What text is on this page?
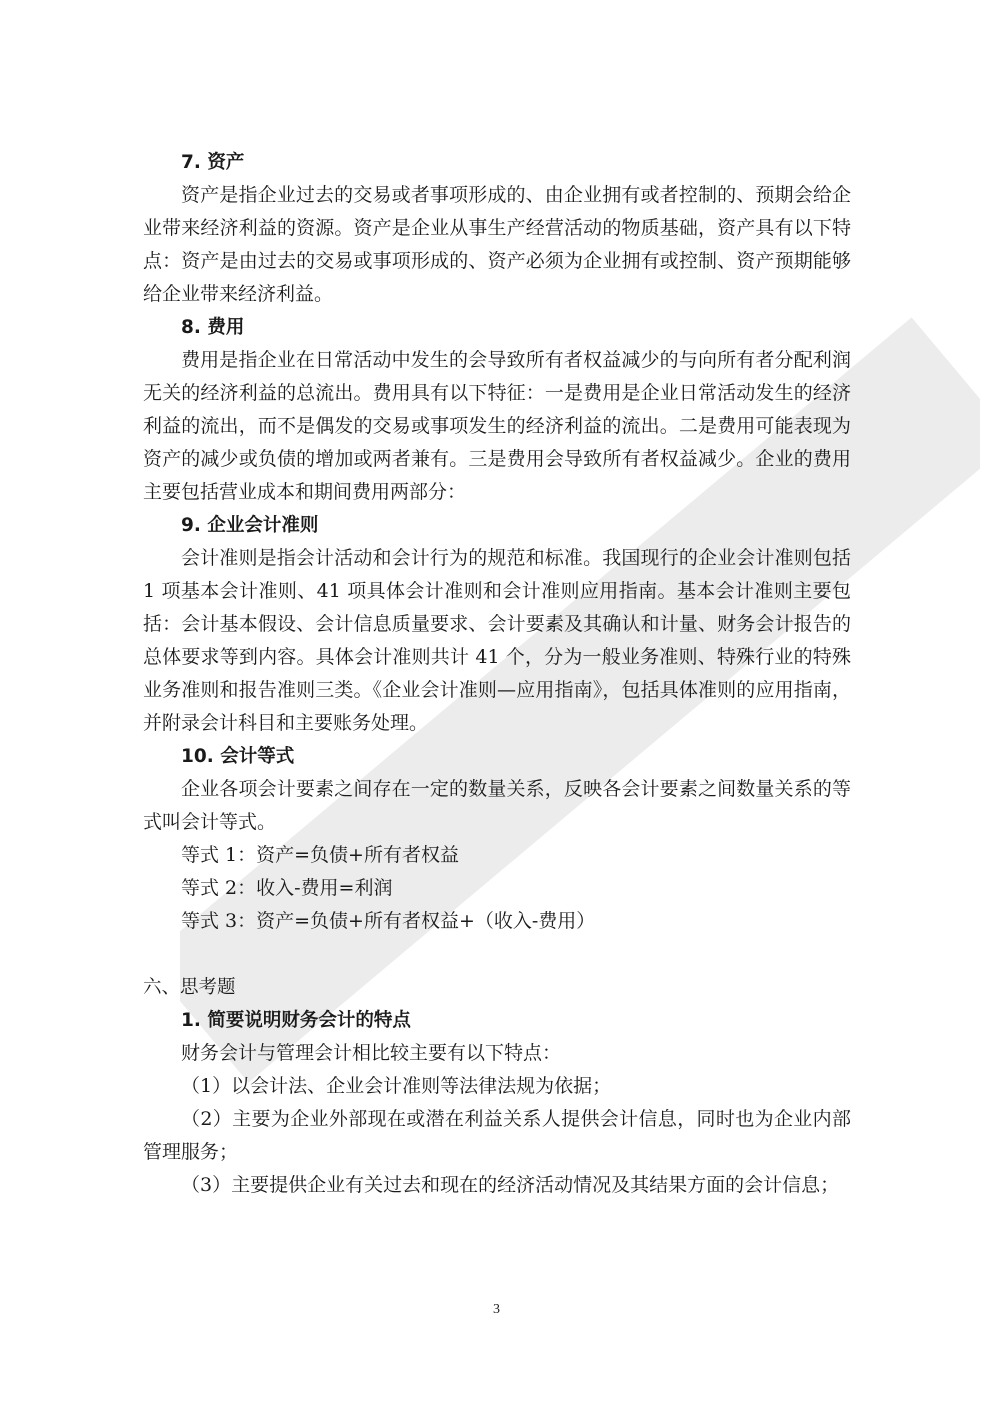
7. 资产

资产是指企业过去的交易或者事项形成的、由企业拥有或者控制的、预期会给企业带来经济利益的资源。资产是企业从事生产经营活动的物质基础，资产具有以下特点：资产是由过去的交易或事项形成的、资产必须为企业拥有或控制、资产预期能够给企业带来经济利益。

8. 费用

费用是指企业在日常活动中发生的会导致所有者权益减少的与向所有者分配利润无关的经济利益的总流出。费用具有以下特征：一是费用是企业日常活动发生的经济利益的流出，而不是偶发的交易或事项发生的经济利益的流出。二是费用可能表现为资产的减少或负债的增加或两者兼有。三是费用会导致所有者权益减少。企业的费用主要包括营业成本和期间费用两部分：

9. 企业会计准则

会计准则是指会计活动和会计行为的规范和标准。我国现行的企业会计准则包括 1 项基本会计准则、41 项具体会计准则和会计准则应用指南。基本会计准则主要包括：会计基本假设、会计信息质量要求、会计要素及其确认和计量、财务会计报告的总体要求等到内容。具体会计准则共计 41 个，分为一般业务准则、特殊行业的特殊业务准则和报告准则三类。《企业会计准则—应用指南》，包括具体准则的应用指南，并附录会计科目和主要账务处理。

10. 会计等式

企业各项会计要素之间存在一定的数量关系，反映各会计要素之间数量关系的等式叫会计等式。

等式 1：资产=负债+所有者权益

等式 2：收入-费用=利润

等式 3：资产=负债+所有者权益+（收入-费用）

六、思考题
1. 简要说明财务会计的特点

财务会计与管理会计相比较主要有以下特点：

（1）以会计法、企业会计准则等法律法规为依据；

（2）主要为企业外部现在或潜在利益关系人提供会计信息，同时也为企业内部管理服务；

（3）主要提供企业有关过去和现在的经济活动情况及其结果方面的会计信息；

3
